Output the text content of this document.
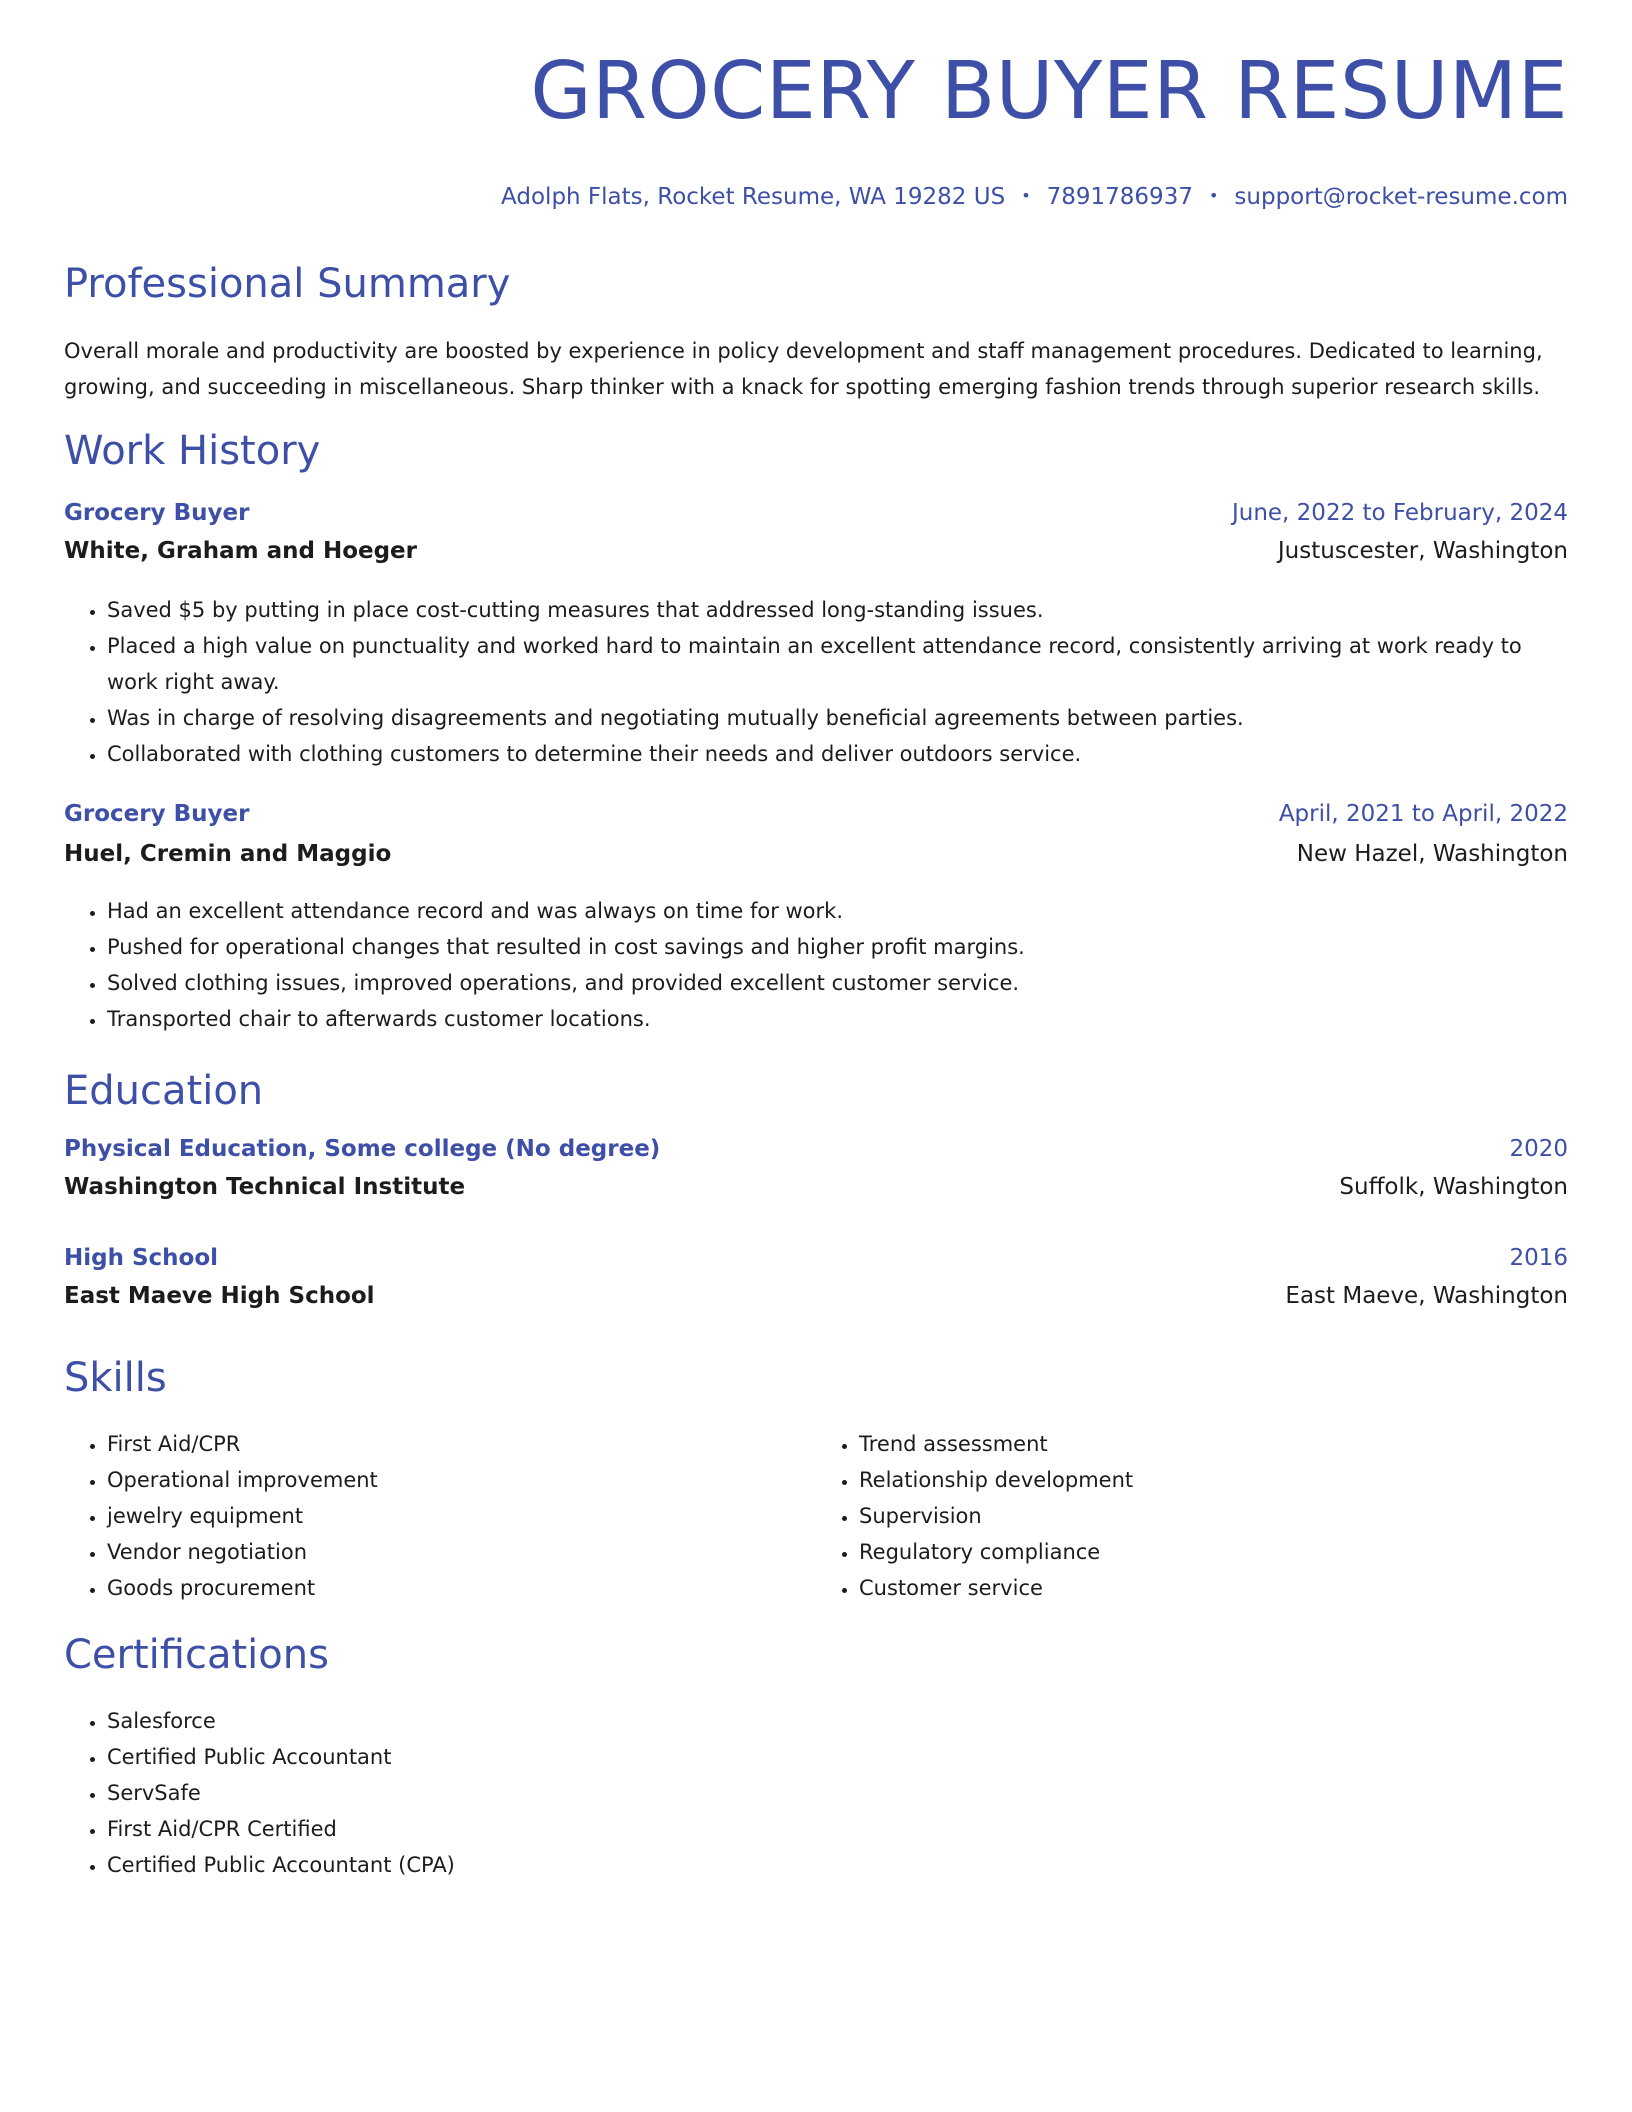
GROCERY BUYER RESUME
Adolph Flats, Rocket Resume, WA 19282 US • 7891786937 • support@rocket-resume.com
Professional Summary

Overall morale and productivity are boosted by experience in policy development and staff management procedures. Dedicated to learning, growing, and succeeding in miscellaneous. Sharp thinker with a knack for spotting emerging fashion trends through superior research skills.

Work History
Grocery Buyer	June, 2022 to February, 2024
White, Graham and Hoeger	Justuscester, Washington
• Saved $5 by putting in place cost-cutting measures that addressed long-standing issues.
• Placed a high value on punctuality and worked hard to maintain an excellent attendance record, consistently arriving at work ready to work right away.
• Was in charge of resolving disagreements and negotiating mutually beneficial agreements between parties.
• Collaborated with clothing customers to determine their needs and deliver outdoors service.
Grocery Buyer	April, 2021 to April, 2022
Huel, Cremin and Maggio	New Hazel, Washington
• Had an excellent attendance record and was always on time for work.
• Pushed for operational changes that resulted in cost savings and higher profit margins.
• Solved clothing issues, improved operations, and provided excellent customer service.
• Transported chair to afterwards customer locations.
Education
Physical Education, Some college (No degree)	2020
Washington Technical Institute	Suffolk, Washington
High School	2016
East Maeve High School	East Maeve, Washington
Skills
• First Aid/CPR
• Operational improvement
• jewelry equipment
• Vendor negotiation
• Goods procurement
• Trend assessment
• Relationship development
• Supervision
• Regulatory compliance
• Customer service
Certifications
• Salesforce
• Certified Public Accountant
• ServSafe
• First Aid/CPR Certified
• Certified Public Accountant (CPA)
